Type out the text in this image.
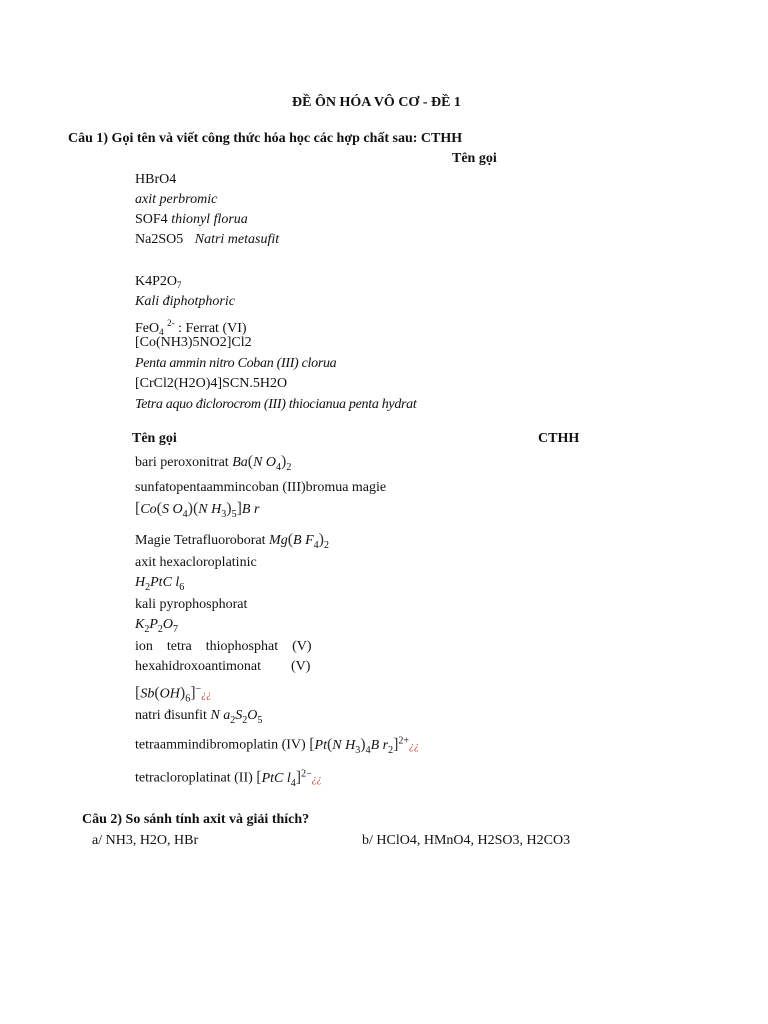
ĐỀ ÔN HÓA VÔ CƠ - ĐỀ 1
Câu 1) Gọi tên và viết công thức hóa học các hợp chất sau: CTHH
Tên gọi
HBrO4
axit perbromic
SOF4 thionyl florua
Na2SO5 Natri metasufit
$K4P2O_7$
Kali điphotphoric
FeO$_4$ $^{2-}$ : Ferrat (VI)
[Co(NH3)5NO2]Cl2
Penta ammin nitro Coban (III) clorua
[CrCl2(H2O)4]SCN.5H2O
Tetra aquo điclorocrom (III) thiocianua penta hydrat
Tên gọi	CTHH
bari peroxonitrat Ba(N $O_4)_2$
sunfatopentaammincoban (III)bromua magie
[Co(S $O_4)(N$ $H_3)_5]B$ r
Magie Tetrafluoroborat Mg(B $F_4)_2$
axit hexacloroplatinic
$H_2PtC$ $l_6$
kali pyrophosphorat
$K_2P_2O_7$
ion tetra thiophosphat (V)
hexahidroxoantimonat (V)
$[Sb(OH)_6]^-¿¿$
natri đisunfit N $a_2S_2O_5$
tetraammindibromoplatin (IV) [Pt(N $H_3)_4B$ $r_2]^{2+}¿¿$
tetracloroplatinat (II) [PtC $l_4]^{2-}¿¿$
Câu 2) So sánh tính axit và giải thích?
a/ NH3, H2O, HBr	b/ HClO4, HMnO4, H2SO3, H2CO3
